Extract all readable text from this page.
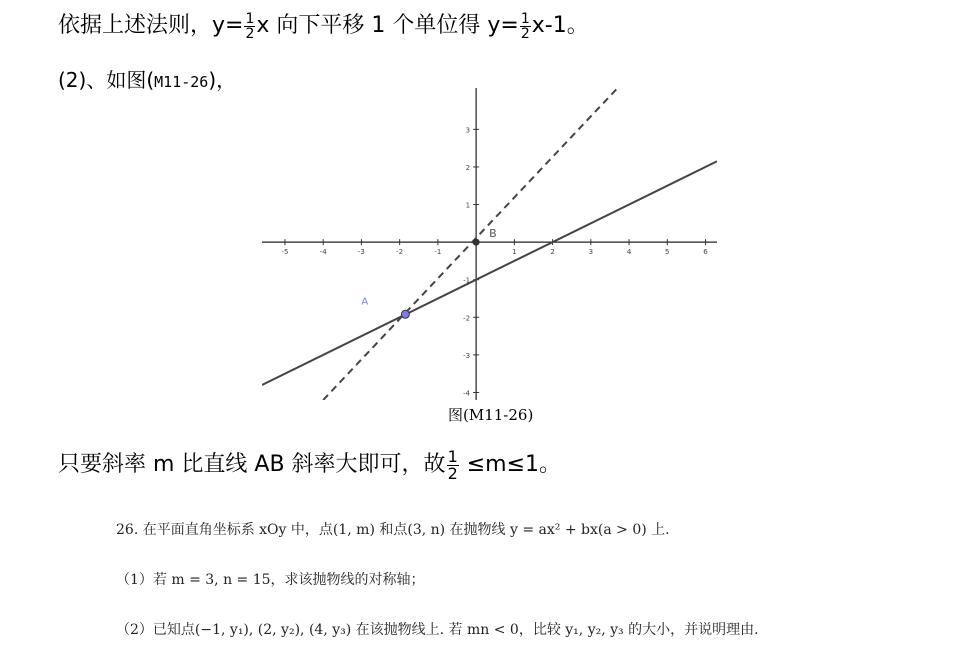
依据上述法则，$y= \frac{1}{2}$ x 向下平移 1 个单位得 $y= \frac{1}{2} x-1$。
(2)、如图(M11-26)，
-5	-4	-3	-2	-1	1	2	3	4	5	6
3
2
1
-1
-2
-3
-4
A
B
图(M11-26)
只要斜率 m 比直线 AB 斜率大即可，故 $\frac{1}{2} \le m\le 1$。
26. 在平面直角坐标系 xOy 中，点(1, m) 和点(3, n) 在抛物线 y = ax² + bx(a > 0) 上.
（1）若 m = 3, n = 15，求该抛物线的对称轴；
（2）已知点(−1, y₁), (2, y₂), (4, y₃) 在该抛物线上. 若 mn < 0，比较 y₁, y₂, y₃ 的大小，并说明理由.
